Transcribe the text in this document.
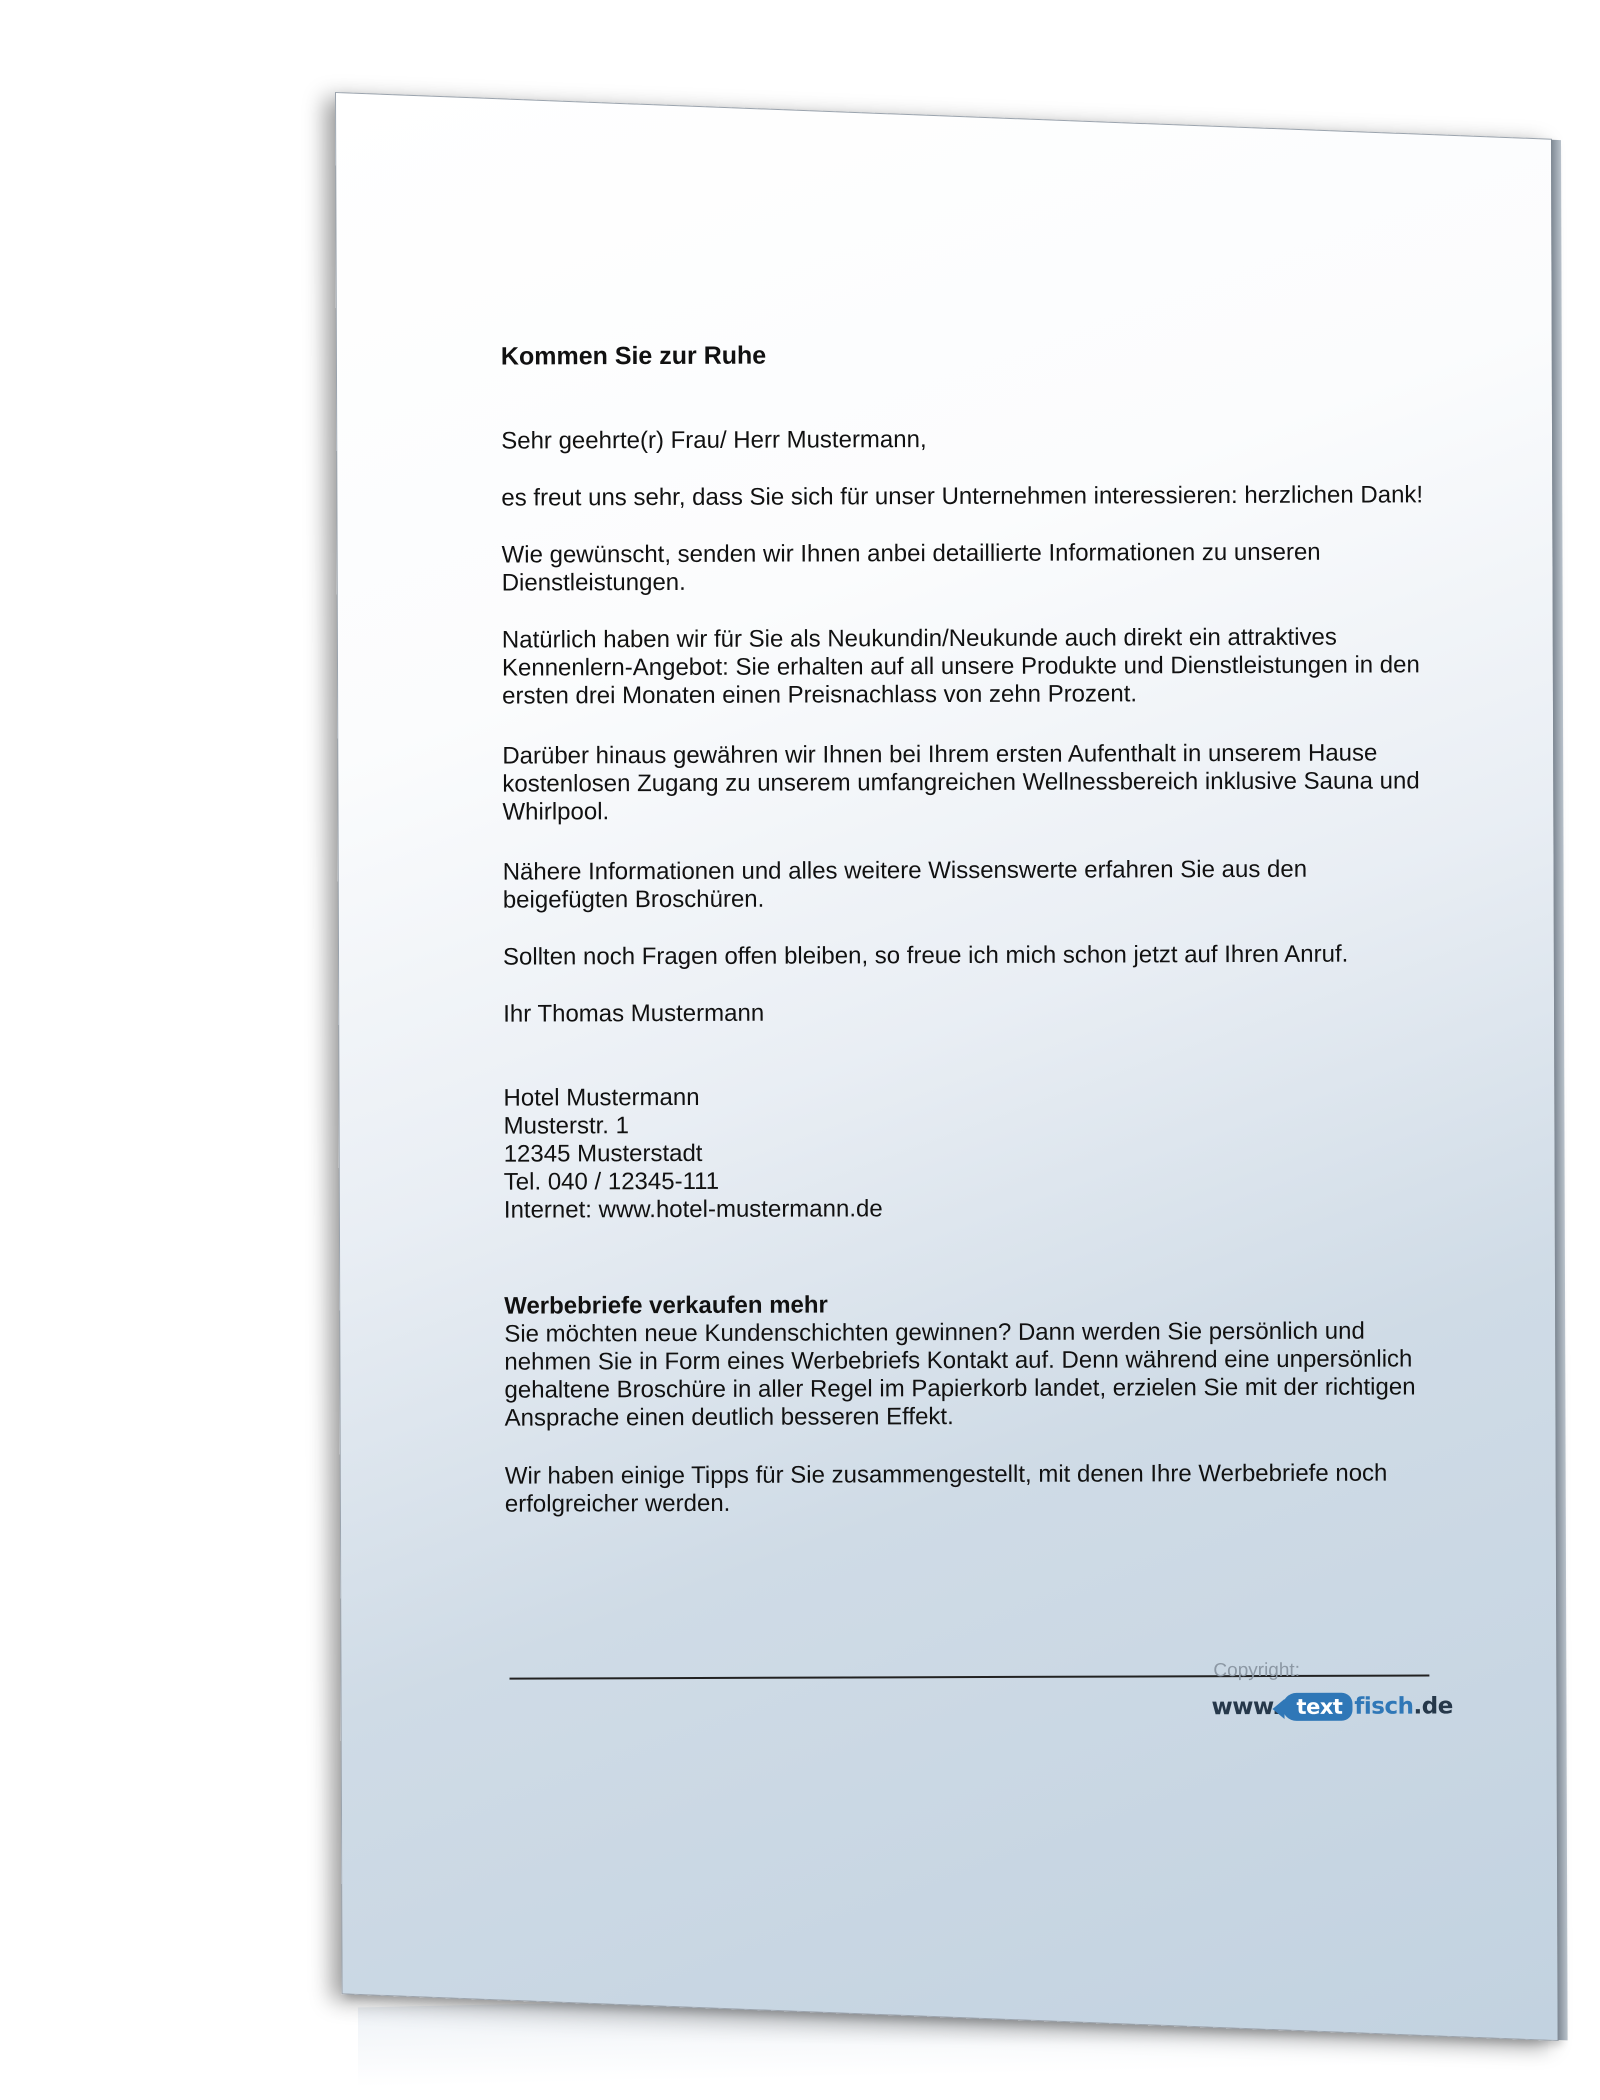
Kommen Sie zur Ruhe
Sehr geehrte(r) Frau/ Herr Mustermann,
es freut uns sehr, dass Sie sich für unser Unternehmen interessieren: herzlichen Dank!
Wie gewünscht, senden wir Ihnen anbei detaillierte Informationen zu unseren Dienstleistungen.
Natürlich haben wir für Sie als Neukundin/Neukunde auch direkt ein attraktives Kennenlern-Angebot: Sie erhalten auf all unsere Produkte und Dienstleistungen in den ersten drei Monaten einen Preisnachlass von zehn Prozent.
Darüber hinaus gewähren wir Ihnen bei Ihrem ersten Aufenthalt in unserem Hause kostenlosen Zugang zu unserem umfangreichen Wellnessbereich inklusive Sauna und Whirlpool.
Nähere Informationen und alles weitere Wissenswerte erfahren Sie aus den beigefügten Broschüren.
Sollten noch Fragen offen bleiben, so freue ich mich schon jetzt auf Ihren Anruf.
Ihr Thomas Mustermann
Hotel Mustermann
Musterstr. 1
12345 Musterstadt
Tel. 040 / 12345-111
Internet: www.hotel-mustermann.de
Werbebriefe verkaufen mehr
Sie möchten neue Kundenschichten gewinnen? Dann werden Sie persönlich und nehmen Sie in Form eines Werbebriefs Kontakt auf. Denn während eine unpersönlich gehaltene Broschüre in aller Regel im Papierkorb landet, erzielen Sie mit der richtigen Ansprache einen deutlich besseren Effekt.
Wir haben einige Tipps für Sie zusammengestellt, mit denen Ihre Werbebriefe noch erfolgreicher werden.
Copyright:
www. text fisch .de
